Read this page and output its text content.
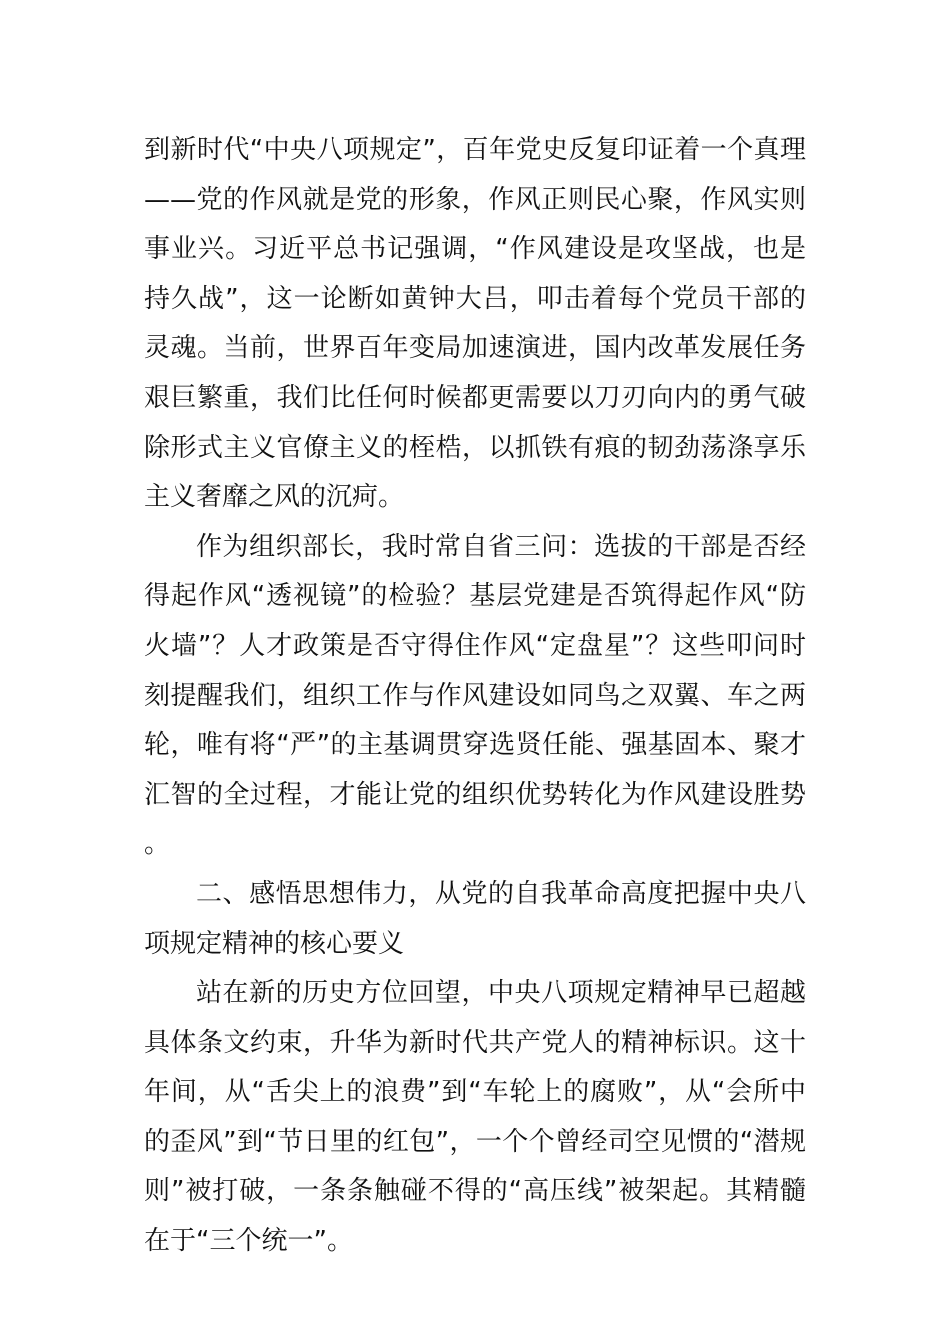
到新时代“中央八项规定”，百年党史反复印证着一个真理——党的作风就是党的形象，作风正则民心聚，作风实则事业兴。习近平总书记强调，“作风建设是攻坚战，也是持久战”，这一论断如黄钟大吕，叩击着每个党员干部的灵魂。当前，世界百年变局加速演进，国内改革发展任务艰巨繁重，我们比任何时候都更需要以刀刃向内的勇气破除形式主义官僚主义的桎梏，以抓铁有痕的韧劲荡涤享乐主义奢靡之风的沉疴。

作为组织部长，我时常自省三问：选拔的干部是否经得起作风“透视镜”的检验？基层党建是否筑得起作风“防火墙”？人才政策是否守得住作风“定盘星”？这些叩问时刻提醒我们，组织工作与作风建设如同鸟之双翼、车之两轮，唯有将“严”的主基调贯穿选贤任能、强基固本、聚才汇智的全过程，才能让党的组织优势转化为作风建设胜势。

二、感悟思想伟力，从党的自我革命高度把握中央八项规定精神的核心要义

站在新的历史方位回望，中央八项规定精神早已超越具体条文约束，升华为新时代共产党人的精神标识。这十年间，从“舌尖上的浪费”到“车轮上的腐败”，从“会所中的歪风”到“节日里的红包”，一个个曾经司空见惯的“潜规则”被打破，一条条触碰不得的“高压线”被架起。其精髓在于“三个统一”。
